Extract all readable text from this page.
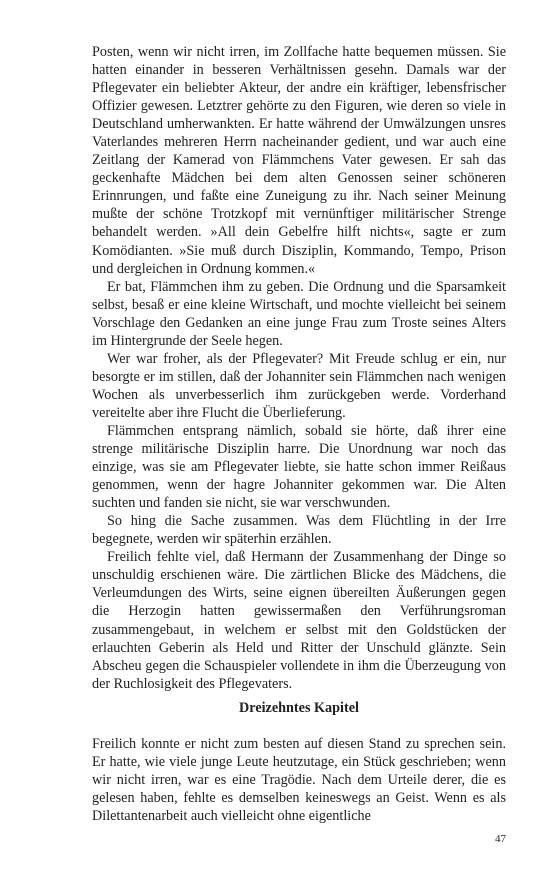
Posten, wenn wir nicht irren, im Zollfache hatte bequemen müssen. Sie hatten einander in besseren Verhältnissen gesehn. Damals war der Pflegevater ein beliebter Akteur, der andre ein kräftiger, lebensfrischer Offizier gewesen. Letztrer gehörte zu den Figuren, wie deren so viele in Deutschland umherwankten. Er hatte während der Umwälzungen unsres Vaterlandes mehreren Herrn nacheinander gedient, und war auch eine Zeitlang der Kamerad von Flämmchens Vater gewesen. Er sah das geckenhafte Mädchen bei dem alten Genossen seiner schöneren Erinnrungen, und faßte eine Zuneigung zu ihr. Nach seiner Meinung mußte der schöne Trotzkopf mit vernünftiger militärischer Strenge behandelt werden. »All dein Gebelfre hilft nichts«, sagte er zum Komödianten. »Sie muß durch Disziplin, Kommando, Tempo, Prison und dergleichen in Ordnung kommen.«

Er bat, Flämmchen ihm zu geben. Die Ordnung und die Sparsamkeit selbst, besaß er eine kleine Wirtschaft, und mochte vielleicht bei seinem Vorschlage den Gedanken an eine junge Frau zum Troste seines Alters im Hintergrunde der Seele hegen.

Wer war froher, als der Pflegevater? Mit Freude schlug er ein, nur besorgte er im stillen, daß der Johanniter sein Flämmchen nach wenigen Wochen als unverbesserlich ihm zurückgeben werde. Vorderhand vereitelte aber ihre Flucht die Überlieferung.

Flämmchen entsprang nämlich, sobald sie hörte, daß ihrer eine strenge militärische Disziplin harre. Die Unordnung war noch das einzige, was sie am Pflegevater liebte, sie hatte schon immer Reißaus genommen, wenn der hagre Johanniter gekommen war. Die Alten suchten und fanden sie nicht, sie war verschwunden.

So hing die Sache zusammen. Was dem Flüchtling in der Irre begegnete, werden wir späterhin erzählen.

Freilich fehlte viel, daß Hermann der Zusammenhang der Dinge so unschuldig erschienen wäre. Die zärtlichen Blicke des Mädchens, die Verleumdungen des Wirts, seine eignen übereilten Äußerungen gegen die Herzogin hatten gewissermaßen den Verführungsroman zusammengebaut, in welchem er selbst mit den Goldstücken der erlauchten Geberin als Held und Ritter der Unschuld glänzte. Sein Abscheu gegen die Schauspieler vollendete in ihm die Überzeugung von der Ruchlosigkeit des Pflegevaters.

Dreizehntes Kapitel

Freilich konnte er nicht zum besten auf diesen Stand zu sprechen sein. Er hatte, wie viele junge Leute heutzutage, ein Stück geschrieben; wenn wir nicht irren, war es eine Tragödie. Nach dem Urteile derer, die es gelesen haben, fehlte es demselben keineswegs an Geist. Wenn es als Dilettantenarbeit auch vielleicht ohne eigentliche

47
